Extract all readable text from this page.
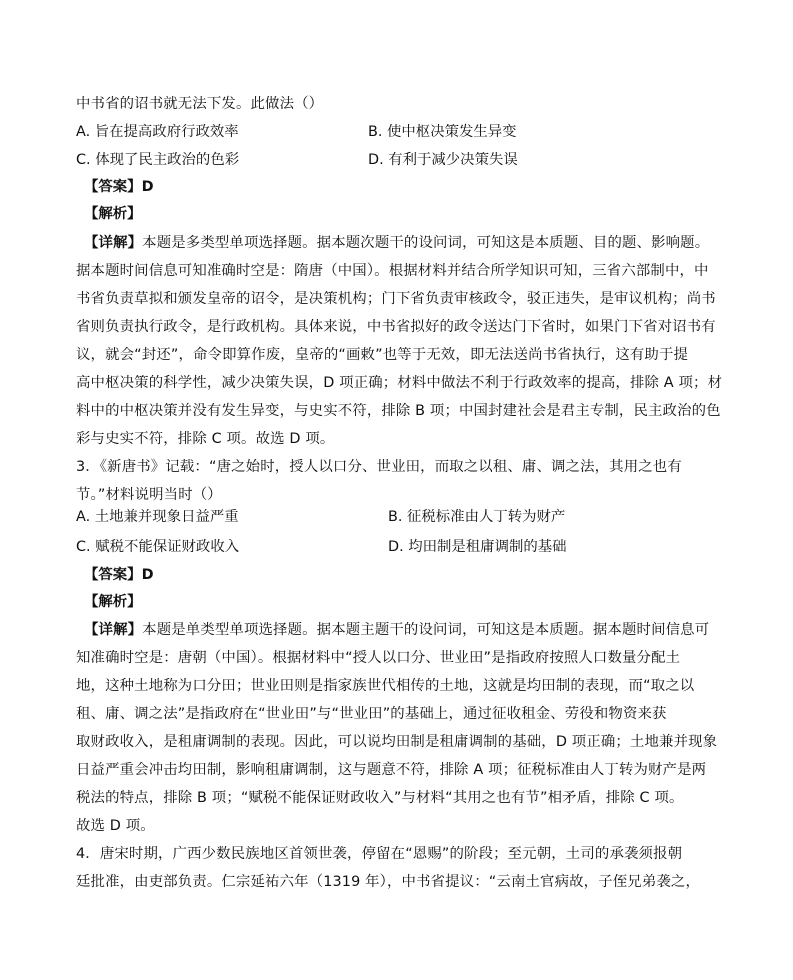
中书省的诏书就无法下发。此做法（）
A. 旨在提高政府行政效率	B. 使中枢决策发生异变
C. 体现了民主政治的色彩	D. 有利于减少决策失误
【答案】D
【解析】
【详解】本题是多类型单项选择题。据本题次题干的设问词，可知这是本质题、目的题、影响题。
据本题时间信息可知准确时空是：隋唐（中国）。根据材料并结合所学知识可知，三省六部制中，中
书省负责草拟和颁发皇帝的诏令，是决策机构；门下省负责审核政令，驳正违失，是审议机构；尚书
省则负责执行政令，是行政机构。具体来说，中书省拟好的政令送达门下省时，如果门下省对诏书有
议，就会“封还”，命令即算作废，皇帝的“画敕”也等于无效，即无法送尚书省执行，这有助于提
高中枢决策的科学性，减少决策失误，D 项正确；材料中做法不利于行政效率的提高，排除 A 项；材
料中的中枢决策并没有发生异变，与史实不符，排除 B 项；中国封建社会是君主专制，民主政治的色
彩与史实不符，排除 C 项。故选 D 项。
3．《新唐书》记载：“唐之始时，授人以口分、世业田，而取之以租、庸、调之法，其用之也有
节。”材料说明当时（）
A. 土地兼并现象日益严重	B. 征税标准由人丁转为财产
C. 赋税不能保证财政收入	D. 均田制是租庸调制的基础
【答案】D
【解析】
【详解】本题是单类型单项选择题。据本题主题干的设问词，可知这是本质题。据本题时间信息可
知准确时空是：唐朝（中国）。根据材料中“授人以口分、世业田”是指政府按照人口数量分配土
地，这种土地称为口分田；世业田则是指家族世代相传的土地，这就是均田制的表现，而“取之以
租、庸、调之法”是指政府在“世业田”与“世业田”的基础上，通过征收租金、劳役和物资来获
取财政收入，是租庸调制的表现。因此，可以说均田制是租庸调制的基础，D 项正确；土地兼并现象
日益严重会冲击均田制，影响租庸调制，这与题意不符，排除 A 项；征税标准由人丁转为财产是两
税法的特点，排除 B 项；“赋税不能保证财政收入”与材料“其用之也有节”相矛盾，排除 C 项。
故选 D 项。
4．唐宋时期，广西少数民族地区首领世袭，停留在“恩赐”的阶段；至元朝，土司的承袭须报朝
廷批准，由吏部负责。仁宗延祐六年（1319 年），中书省提议：“云南土官病故，子侄兄弟袭之，
